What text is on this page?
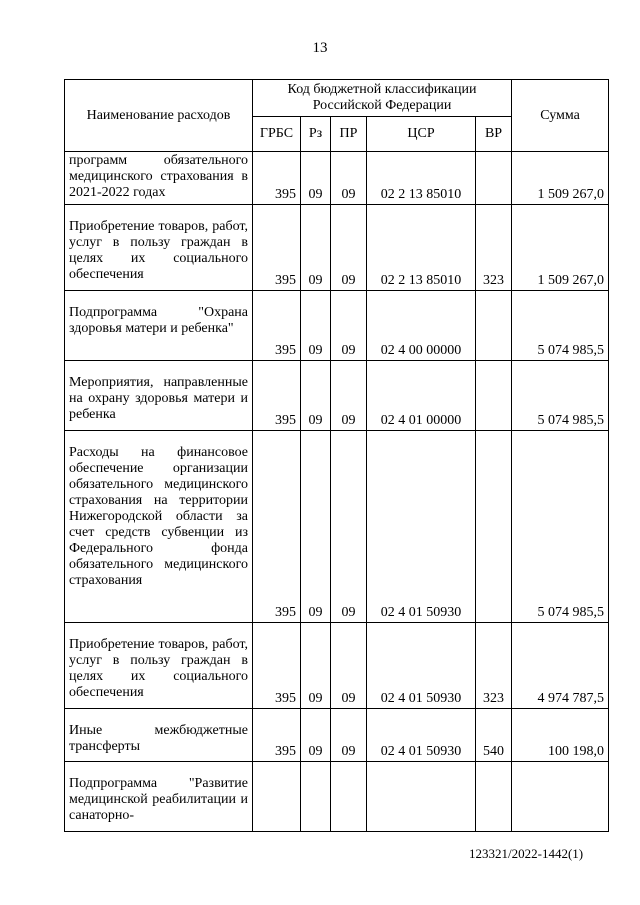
13
Наименование расходов	Код бюджетной классификации Российской Федерации					Сумма
	ГРБС	Рз	ПР	ЦСР	ВР	
программ обязательного медицинского страхования в 2021-2022 годах	395	09	09	02 2 13 85010		1 509 267,0
Приобретение товаров, работ, услуг в пользу граждан в целях их социального обеспечения	395	09	09	02 2 13 85010	323	1 509 267,0
Подпрограмма "Охрана здоровья матери и ребенка"	395	09	09	02 4 00 00000		5 074 985,5
Мероприятия, направленные на охрану здоровья матери и ребенка	395	09	09	02 4 01 00000		5 074 985,5
Расходы на финансовое обеспечение организации обязательного медицинского страхования на территории Нижегородской области за счет средств субвенции из Федерального фонда обязательного медицинского страхования	395	09	09	02 4 01 50930		5 074 985,5
Приобретение товаров, работ, услуг в пользу граждан в целях их социального обеспечения	395	09	09	02 4 01 50930	323	4 974 787,5
Иные межбюджетные трансферты	395	09	09	02 4 01 50930	540	100 198,0
Подпрограмма "Развитие медицинской реабилитации и санаторно-						
123321/2022-1442(1)
